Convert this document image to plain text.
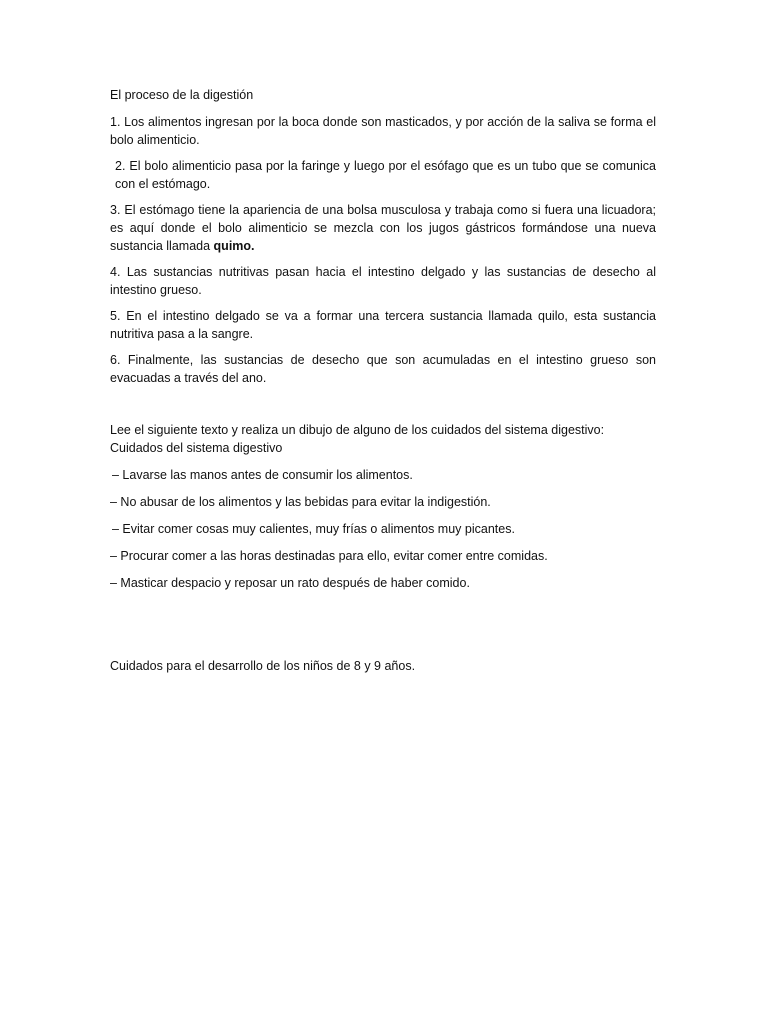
El proceso de la digestión

1. Los alimentos ingresan por la boca donde son masticados, y por acción de la saliva se forma el bolo alimenticio.

2. El bolo alimenticio pasa por la faringe y luego por el esófago que es un tubo que se comunica con el estómago.

3. El estómago tiene la apariencia de una bolsa musculosa y trabaja como si fuera una licuadora; es aquí donde el bolo alimenticio se mezcla con los jugos gástricos formándose una nueva sustancia llamada quimo.

4. Las sustancias nutritivas pasan hacia el intestino delgado y las sustancias de desecho al intestino grueso.

5. En el intestino delgado se va a formar una tercera sustancia llamada quilo, esta sustancia nutritiva pasa a la sangre.

6. Finalmente, las sustancias de desecho que son acumuladas en el intestino grueso son evacuadas a través del ano.

Lee el siguiente texto y realiza un dibujo de alguno de los cuidados del sistema digestivo:
Cuidados del sistema digestivo

– Lavarse las manos antes de consumir los alimentos.

– No abusar de los alimentos y las bebidas para evitar la indigestión.

– Evitar comer cosas muy calientes, muy frías o alimentos muy picantes.

– Procurar comer a las horas destinadas para ello, evitar comer entre comidas.

– Masticar despacio y reposar un rato después de haber comido.

Cuidados para el desarrollo de los niños de 8 y 9 años.
